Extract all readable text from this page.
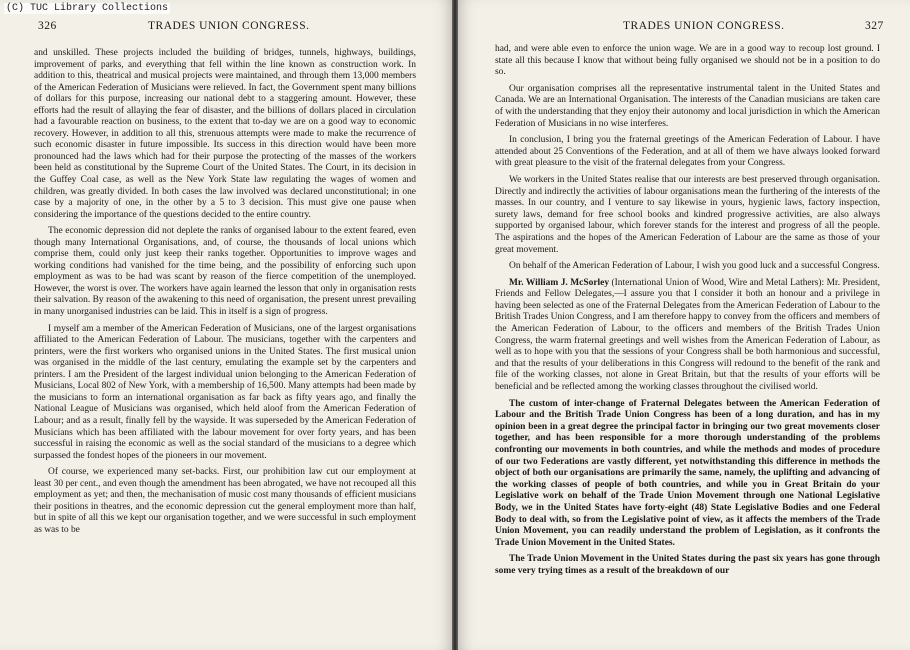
326	TRADES UNION CONGRESS.

and unskilled. These projects included the building of bridges, tunnels, highways, buildings, improvement of parks, and everything that fell within the line known as construction work. In addition to this, theatrical and musical projects were maintained, and through them 13,000 members of the American Federation of Musicians were relieved. In fact, the Government spent many billions of dollars for this purpose, increasing our national debt to a staggering amount. However, these efforts had the result of allaying the fear of disaster, and the billions of dollars placed in circulation had a favourable reaction on business, to the extent that to-day we are on a good way to economic recovery. However, in addition to all this, strenuous attempts were made to make the recurrence of such economic disaster in future impossible. Its success in this direction would have been more pronounced had the laws which had for their purpose the protecting of the masses of the workers been held as constitutional by the Supreme Court of the United States. The Court, in its decision in the Guffey Coal case, as well as the New York State law regulating the wages of women and children, was greatly divided. In both cases the law involved was declared unconstitutional; in one case by a majority of one, in the other by a 5 to 3 decision. This must give one pause when considering the importance of the questions decided to the entire country.

The economic depression did not deplete the ranks of organised labour to the extent feared, even though many International Organisations, and, of course, the thousands of local unions which comprise them, could only just keep their ranks together. Opportunities to improve wages and working conditions had vanished for the time being, and the possibility of enforcing such upon employment as was to be had was scant by reason of the fierce competition of the unemployed. However, the worst is over. The workers have again learned the lesson that only in organisation rests their salvation. By reason of the awakening to this need of organisation, the present unrest prevailing in many unorganised industries can be laid. This in itself is a sign of progress.

I myself am a member of the American Federation of Musicians, one of the largest organisations affiliated to the American Federation of Labour. The musicians, together with the carpenters and printers, were the first workers who organised unions in the United States. The first musical union was organised in the middle of the last century, emulating the example set by the carpenters and printers. I am the President of the largest individual union belonging to the American Federation of Musicians, Local 802 of New York, with a membership of 16,500. Many attempts had been made by the musicians to form an international organisation as far back as fifty years ago, and finally the National League of Musicians was organised, which held aloof from the American Federation of Labour; and as a result, finally fell by the wayside. It was superseded by the American Federation of Musicians which has been affiliated with the labour movement for over forty years, and has been successful in raising the economic as well as the social standard of the musicians to a degree which surpassed the fondest hopes of the pioneers in our movement.

Of course, we experienced many set-backs. First, our prohibition law cut our employment at least 30 per cent., and even though the amendment has been abrogated, we have not recouped all this employment as yet; and then, the mechanisation of music cost many thousands of efficient musicians their positions in theatres, and the economic depression cut the general employment more than half, but in spite of all this we kept our organisation together, and we were successful in such employment as was to be

TRADES UNION CONGRESS.	327

had, and were able even to enforce the union wage. We are in a good way to recoup lost ground. I state all this because I know that without being fully organised we should not be in a position to do so.

Our organisation comprises all the representative instrumental talent in the United States and Canada. We are an International Organisation. The interests of the Canadian musicians are taken care of with the understanding that they enjoy their autonomy and local jurisdiction in which the American Federation of Musicians in no wise interferes.

In conclusion, I bring you the fraternal greetings of the American Federation of Labour. I have attended about 25 Conventions of the Federation, and at all of them we have always looked forward with great pleasure to the visit of the fraternal delegates from your Congress.

We workers in the United States realise that our interests are best preserved through organisation. Directly and indirectly the activities of labour organisations mean the furthering of the interests of the masses. In our country, and I venture to say likewise in yours, hygienic laws, factory inspection, surety laws, demand for free school books and kindred progressive activities, are also always supported by organised labour, which forever stands for the interest and progress of all the people. The aspirations and the hopes of the American Federation of Labour are the same as those of your great movement.

On behalf of the American Federation of Labour, I wish you good luck and a successful Congress.

Mr. William J. McSorley (International Union of Wood, Wire and Metal Lathers): Mr. President, Friends and Fellow Delegates,—I assure you that I consider it both an honour and a privilege in having been selected as one of the Fraternal Delegates from the American Federation of Labour to the British Trades Union Congress, and I am therefore happy to convey from the officers and members of the American Federation of Labour, to the officers and members of the British Trades Union Congress, the warm fraternal greetings and well wishes from the American Federation of Labour, as well as to hope with you that the sessions of your Congress shall be both harmonious and successful, and that the results of your deliberations in this Congress will redound to the benefit of the rank and file of the working classes, not alone in Great Britain, but that the results of your efforts will be beneficial and be reflected among the working classes throughout the civilised world.

The custom of inter-change of Fraternal Delegates between the American Federation of Labour and the British Trade Union Congress has been of a long duration, and has in my opinion been in a great degree the principal factor in bringing our two great movements closer together, and has been responsible for a more thorough understanding of the problems confronting our movements in both countries, and while the methods and modes of procedure of our two Federations are vastly different, yet notwithstanding this difference in methods the object of both our organisations are primarily the same, namely, the uplifting and advancing of the working classes of people of both countries, and while you in Great Britain do your Legislative work on behalf of the Trade Union Movement through one National Legislative Body, we in the United States have forty-eight (48) State Legislative Bodies and one Federal Body to deal with, so from the Legislative point of view, as it affects the members of the Trade Union Movement, you can readily understand the problem of Legislation, as it confronts the Trade Union Movement in the United States.

The Trade Union Movement in the United States during the past six years has gone through some very trying times as a result of the breakdown of our

(C) TUC Library Collections
